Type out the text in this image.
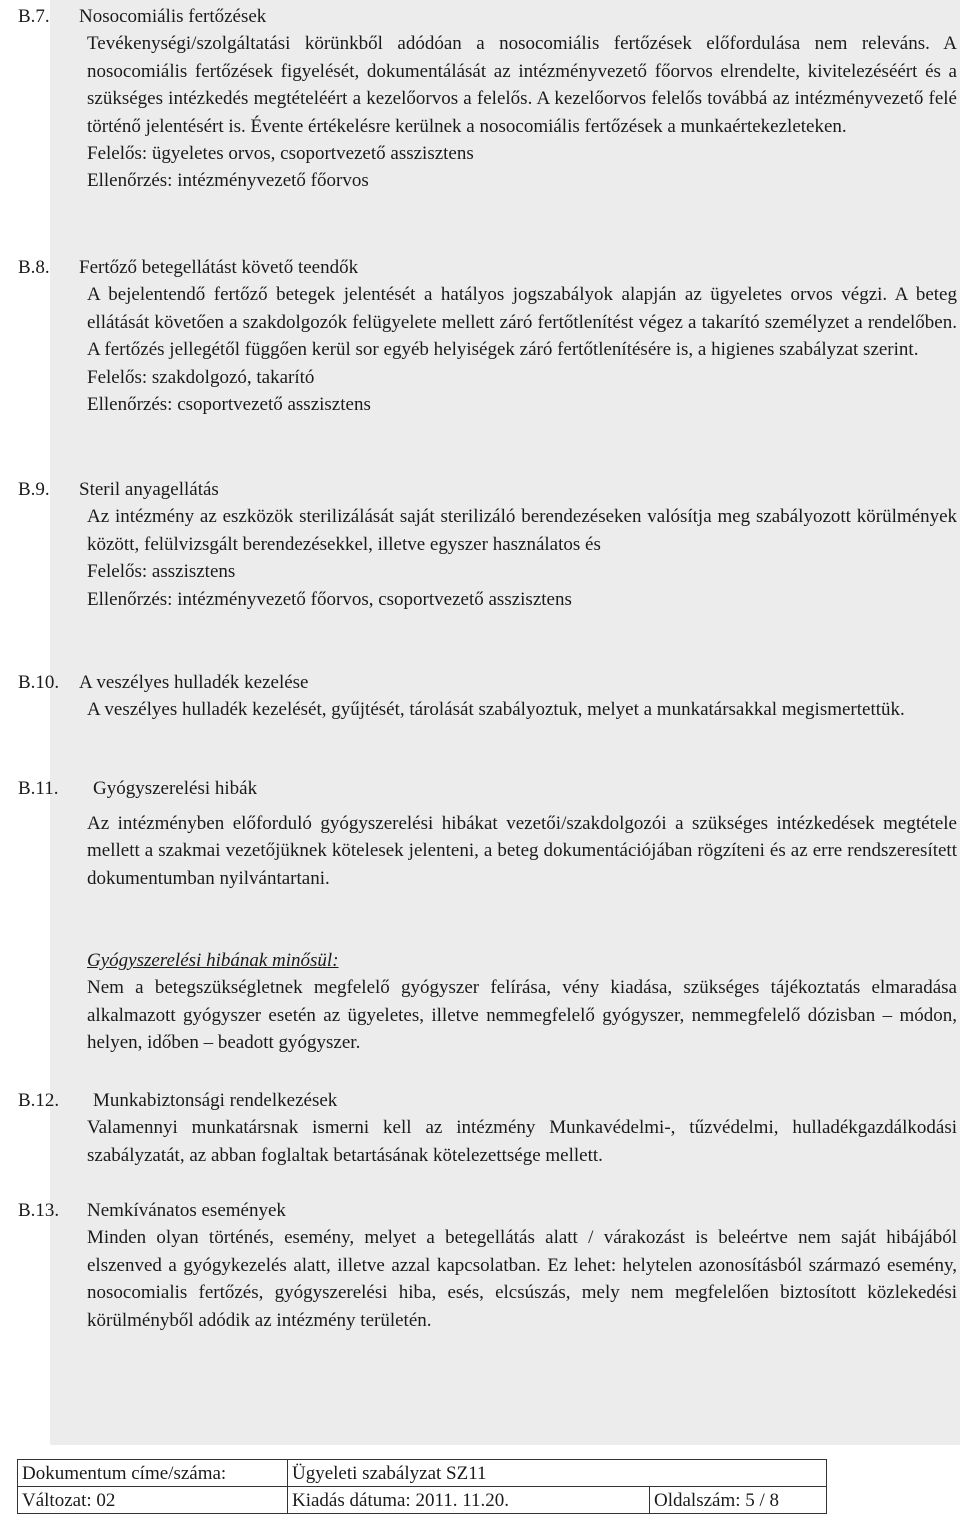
B.7. Nosocomiális fertőzések

Tevékenységi/szolgáltatási körünkből adódóan a nosocomiális fertőzések előfordulása nem releváns. A nosocomiális fertőzések figyelését, dokumentálását az intézményvezető főorvos elrendelte, kivitelezéséért és a szükséges intézkedés megtételéért a kezelőorvos a felelős. A kezelőorvos felelős továbbá az intézményvezető felé történő jelentésért is. Évente értékelésre kerülnek a nosocomiális fertőzések a munkaértekezleteken.

Felelős: ügyeletes orvos, csoportvezető asszisztens

Ellenőrzés: intézményvezető főorvos

B.8. Fertőző betegellátást követő teendők

A bejelentendő fertőző betegek jelentését a hatályos jogszabályok alapján az ügyeletes orvos végzi. A beteg ellátását követően a szakdolgozók felügyelete mellett záró fertőtlenítést végez a takarító személyzet a rendelőben. A fertőzés jellegétől függően kerül sor egyéb helyiségek záró fertőtlenítésére is, a higienes szabályzat szerint.

Felelős: szakdolgozó, takarító

Ellenőrzés: csoportvezető asszisztens

B.9. Steril anyagellátás

Az intézmény az eszközök sterilizálását saját sterilizáló berendezéseken valósítja meg szabályozott körülmények között, felülvizsgált berendezésekkel, illetve egyszer használatos és

Felelős: asszisztens

Ellenőrzés: intézményvezető főorvos, csoportvezető asszisztens

B.10. A veszélyes hulladék kezelése

A veszélyes hulladék kezelését, gyűjtését, tárolását szabályoztuk, melyet a munkatársakkal megismertettük.

B.11. Gyógyszerelési hibák

Az intézményben előforduló gyógyszerelési hibákat vezetői/szakdolgozói a szükséges intézkedések megtétele mellett a szakmai vezetőjüknek kötelesek jelenteni, a beteg dokumentációjában rögzíteni és az erre rendszeresített dokumentumban nyilvántartani.

Gyógyszerelési hibának minősül:

Nem a betegszükségletnek megfelelő gyógyszer felírása, vény kiadása, szükséges tájékoztatás elmaradása alkalmazott gyógyszer esetén az ügyeletes, illetve nemmegfelelő gyógyszer, nemmegfelelő dózisban – módon, helyen, időben – beadott gyógyszer.

B.12. Munkabiztonsági rendelkezések

Valamennyi munkatársnak ismerni kell az intézmény Munkavédelmi-, tűzvédelmi, hulladékgazdálkodási szabályzatát, az abban foglaltak betartásának kötelezettsége mellett.

B.13. Nemkívánatos események

Minden olyan történés, esemény, melyet a betegellátás alatt / várakozást is beleértve nem saját hibájából elszenved a gyógykezelés alatt, illetve azzal kapcsolatban. Ez lehet: helytelen azonosításból származó esemény, nosocomialis fertőzés, gyógyszerelési hiba, esés, elcsúszás, mely nem megfelelően biztosított közlekedési körülményből adódik az intézmény területén.

Dokumentum címe/száma:	Ügyeleti szabályzat SZ11	
Változat: 02	Kiadás dátuma: 2011. 11.20.	Oldalszám: 5 / 8
